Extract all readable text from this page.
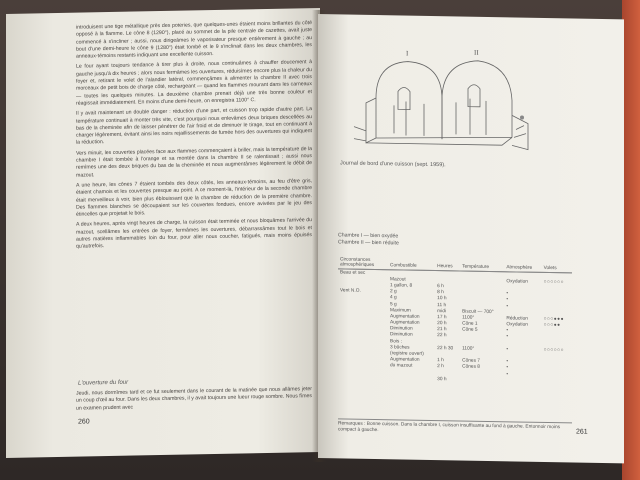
introduisent une tige métallique près des poteries, que quelques-unes étaient moins brillantes du côté opposé à la flamme. Le cône 8 (1290°), placé au sommet de la pile centrale de cazettes, avait juste commencé à s'incliner ; aussi, nous dirigeâmes le vaporisateur presque entièrement à gauche ; au bout d'une demi-heure le cône 9 (1280°) était tombé et le 9 s'inclinait dans les deux chambres, les anneaux-témoins restants indiquant une excellente cuisson.

Le four ayant toujours tendance à tirer plus à droite, nous continuâmes à chauffer doucement à gauche jusqu'à dix heures ; alors nous fermâmes les ouvertures, réduisîmes encore plus la chaleur du foyer et, retirant le volet de l'alandier latéral, commençâmes à alimenter la chambre II avec trois morceaux de petit bois de charge côté, rechargeant — quand les flammes mourant dans les carneaux — toutes les quelques minutes. La deuxième chambre prenait déjà une très bonne couleur et réagissait immédiatement. En moins d'une demi-heure, on enregistra 1100° C.

Il y avait maintenant un double danger : réduction d'une part, et cuisson trop rapide d'autre part. La température continuait à monter très vite, c'est pourquoi nous enlevâmes deux briques descellées au bas de la cheminée afin de laisser pénétrer de l'air froid et de diminuer le tirage, tout en continuant à charger légèrement, évitant ainsi les noirs rejaillissements de fumée hors des ouvertures qui indiquent la réduction.

Vers minuit, les couvertes placées face aux flammes commençaient à briller, mais la température de la chambre I était tombée à l'orange et sa montée dans la chambre II se ralentissait ; aussi nous remîmes une des deux briques du bas de la cheminée et nous augmentâmes légèrement le débit de mazout.

A une heure, les cônes 7 étaient tombés des deux côtés, les anneaux-témoins, au feu d'être gris, étaient chamois et les couvertes presque au point. A ce moment-là, l'intérieur de la seconde chambre était merveilleux à voir, bien plus éblouissant que la chambre de réduction de la première chambre. Des flammes blanches se découpaient sur les couvertes fondues, encore avivées par le jeu des étincelles que projetait le bois.

A deux heures, après vingt heures de charge, la cuisson était terminée et nous bloquâmes l'arrivée du mazout, scellâmes les entrées de foyer, fermâmes les ouvertures, débarrassâmes tout le bois et autres matières inflammables loin du four, pour aller nous coucher, fatigués, mais moins épuisés qu'autrefois.

L'ouverture du four

Jeudi, nous dormîmes tard et ce fut seulement dans le courant de la matinée que nous allâmes jeter un coup d'œil au four. Dans les deux chambres, il y avait toujours une lueur rouge sombre. Nous fîmes un examen prudent avec

260
I	II
Journal de bord d'une cuisson (sept. 1959).
Chambre I — bien oxydée
Chambre II — bien réduite
Circonstances atmosphériques	Combustible	Heures	Température	Atmosphère	Volets
Beau et sec					
	Mazout			Oxydation	○○○○○○
	1 gallon, 8	6 h			
Vent N.O.	2 g	8 h		•	
	4 g	10 h		•	
	5 g	11 h		•	
	Maximum	midi	Biscuit — 700°		
	Augmentation	17 h	1100°	Réduction	○○○●●●
	Augmentation	20 h	Cône 1	Oxydation	○○○●●
	Diminution	21 h	Cône 5	•	
	Diminution	22 h		•	
	Bois :				
	3 bûches	22 h 30	1100°	•	○○○○○○
	(registre ouvert)				
	Augmentation	1 h	Cônes 7	•	
	du mazout	2 h	Cônes 8	•	
				•	
		30 h			
Remarques : Bonne cuisson. Dans la chambre I, cuisson insuffisante au fond à gauche. Entonnoir moins compact à gauche.	261
